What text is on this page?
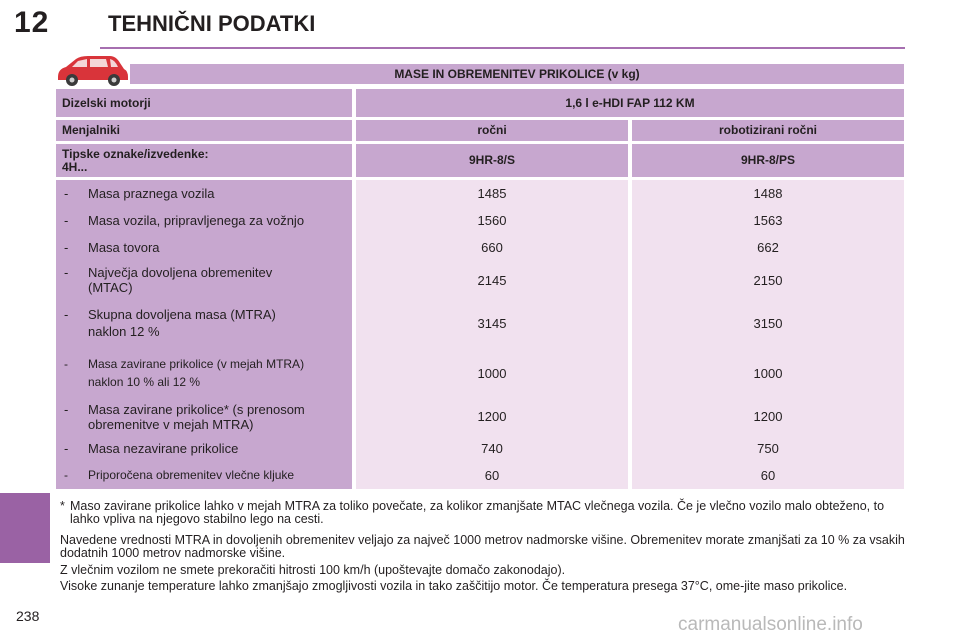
12	TEHNIČNI PODATKI
MASE IN OBREMENITEV PRIKOLICE (v kg)
Dizelski motorji	1,6 l e-HDI FAP 112 KM
Menjalniki	ročni	robotizirani ročni
Tipske oznake/izvedenke:
4H...	9HR-8/S	9HR-8/PS
- Masa praznega vozila	1485	1488
- Masa vozila, pripravljenega za vožnjo	1560	1563
- Masa tovora	660	662
- Največja dovoljena obremenitev (MTAC)	2145	2150
- Skupna dovoljena masa (MTRA)
naklon 12 %
3145	3150
- Masa zavirane prikolice (v mejah MTRA)
naklon 10 % ali 12 %
1000	1000
- Masa zavirane prikolice* (s prenosom obremenitve v mejah MTRA)
1200	1200
- Masa nezavirane prikolice	740	750
- Priporočena obremenitev vlečne kljuke	60	60
* Maso zavirane prikolice lahko v mejah MTRA za toliko povečate, za kolikor zmanjšate MTAC vlečnega vozila. Če je vlečno vozilo malo obteženo, to lahko vpliva na njegovo stabilno lego na cesti.
Navedene vrednosti MTRA in dovoljenih obremenitev veljajo za največ 1000 metrov nadmorske višine. Obremenitev morate zmanjšati za 10 % za vsakih dodatnih 1000 metrov nadmorske višine.
Z vlečnim vozilom ne smete prekoračiti hitrosti 100 km/h (upoštevajte domačo zakonodajo).
Visoke zunanje temperature lahko zmanjšajo zmogljivosti vozila in tako zaščitijo motor. Če temperatura presega 37°C, ome-jite maso prikolice.
238	carmanualsonline.info
